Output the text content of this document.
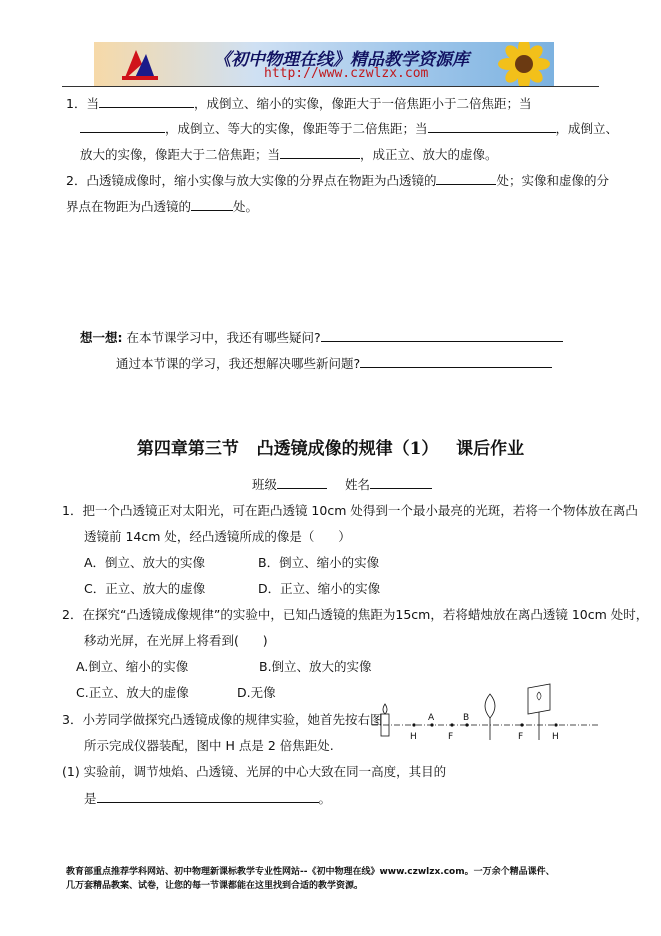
《初中物理在线》精品教学资源库
http://www.czwlzx.com
1．当	，成倒立、缩小的实像，像距大于一倍焦距小于二倍焦距；当
，成倒立、等大的实像，像距等于二倍焦距；当	，成倒立、
放大的实像，像距大于二倍焦距；当	，成正立、放大的虚像。
2．凸透镜成像时，缩小实像与放大实像的分界点在物距为凸透镜的	处；实像和虚像的分
界点在物距为凸透镜的	处。
想一想: 在本节课学习中，我还有哪些疑问?
通过本节课的学习，我还想解决哪些新问题?
第四章第三节   凸透镜成像的规律（1）   课后作业
班级	姓名
1．把一个凸透镜正对太阳光，可在距凸透镜 10cm 处得到一个最小最亮的光斑，若将一个物体放在离凸
透镜前 14cm 处，经凸透镜所成的像是（      ）
A．倒立、放大的实像	B．倒立、缩小的实像
C．正立、放大的虚像	D．正立、缩小的实像
2．在探究“凸透镜成像规律”的实验中，已知凸透镜的焦距为15cm，若将蜡烛放在离凸透镜 10cm 处时，
移动光屏，在光屏上将看到(      )
A.倒立、缩小的实像	B.倒立、放大的实像
C.正立、放大的虚像	D.无像
3．小芳同学做探究凸透镜成像的规律实验，她首先按右图
所示完成仪器装配，图中 H 点是 2 倍焦距处.
(1) 实验前，调节烛焰、凸透镜、光屏的中心大致在同一高度，其目的
是	。
H
A
F
B
F	H
教育部重点推荐学科网站、初中物理新课标教学专业性网站--《初中物理在线》www.czwlzx.com。一万余个精品课件、
几万套精品教案、试卷，让您的每一节课都能在这里找到合适的教学资源。
